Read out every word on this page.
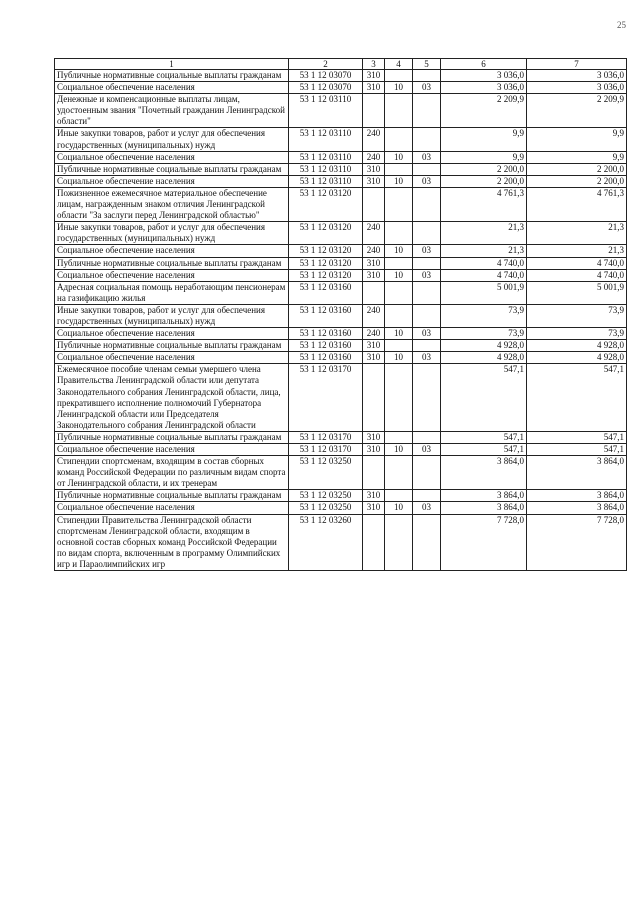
25
1	2	3	4	5	6	7
Публичные нормативные социальные выплаты гражданам	53 1 12 03070	310			3 036,0	3 036,0
Социальное обеспечение населения	53 1 12 03070	310	10	03	3 036,0	3 036,0
Денежные и компенсационные выплаты лицам, удостоенным звания "Почетный гражданин Ленинградской области"	53 1 12 03110				2 209,9	2 209,9
Иные закупки товаров, работ и услуг для обеспечения государственных (муниципальных) нужд	53 1 12 03110	240			9,9	9,9
Социальное обеспечение населения	53 1 12 03110	240	10	03	9,9	9,9
Публичные нормативные социальные выплаты гражданам	53 1 12 03110	310			2 200,0	2 200,0
Социальное обеспечение населения	53 1 12 03110	310	10	03	2 200,0	2 200,0
Пожизненное ежемесячное материальное обеспечение лицам, награжденным знаком отличия Ленинградской области "За заслуги перед Ленинградской областью"	53 1 12 03120				4 761,3	4 761,3
Иные закупки товаров, работ и услуг для обеспечения государственных (муниципальных) нужд	53 1 12 03120	240			21,3	21,3
Социальное обеспечение населения	53 1 12 03120	240	10	03	21,3	21,3
Публичные нормативные социальные выплаты гражданам	53 1 12 03120	310			4 740,0	4 740,0
Социальное обеспечение населения	53 1 12 03120	310	10	03	4 740,0	4 740,0
Адресная социальная помощь неработающим пенсионерам на газификацию жилья	53 1 12 03160				5 001,9	5 001,9
Иные закупки товаров, работ и услуг для обеспечения государственных (муниципальных) нужд	53 1 12 03160	240			73,9	73,9
Социальное обеспечение населения	53 1 12 03160	240	10	03	73,9	73,9
Публичные нормативные социальные выплаты гражданам	53 1 12 03160	310			4 928,0	4 928,0
Социальное обеспечение населения	53 1 12 03160	310	10	03	4 928,0	4 928,0
Ежемесячное пособие членам семьи умершего члена Правительства Ленинградской области или депутата Законодательного собрания Ленинградской области, лица, прекратившего исполнение полномочий Губернатора Ленинградской области или Председателя Законодательного собрания Ленинградской области	53 1 12 03170				547,1	547,1
Публичные нормативные социальные выплаты гражданам	53 1 12 03170	310			547,1	547,1
Социальное обеспечение населения	53 1 12 03170	310	10	03	547,1	547,1
Стипендии спортсменам, входящим в состав сборных команд Российской Федерации по различным видам спорта от Ленинградской области, и их тренерам	53 1 12 03250				3 864,0	3 864,0
Публичные нормативные социальные выплаты гражданам	53 1 12 03250	310			3 864,0	3 864,0
Социальное обеспечение населения	53 1 12 03250	310	10	03	3 864,0	3 864,0
Стипендии Правительства Ленинградской области спортсменам Ленинградской области, входящим в основной состав сборных команд Российской Федерации по видам спорта, включенным в программу Олимпийских игр и Параолимпийских игр	53 1 12 03260				7 728,0	7 728,0
